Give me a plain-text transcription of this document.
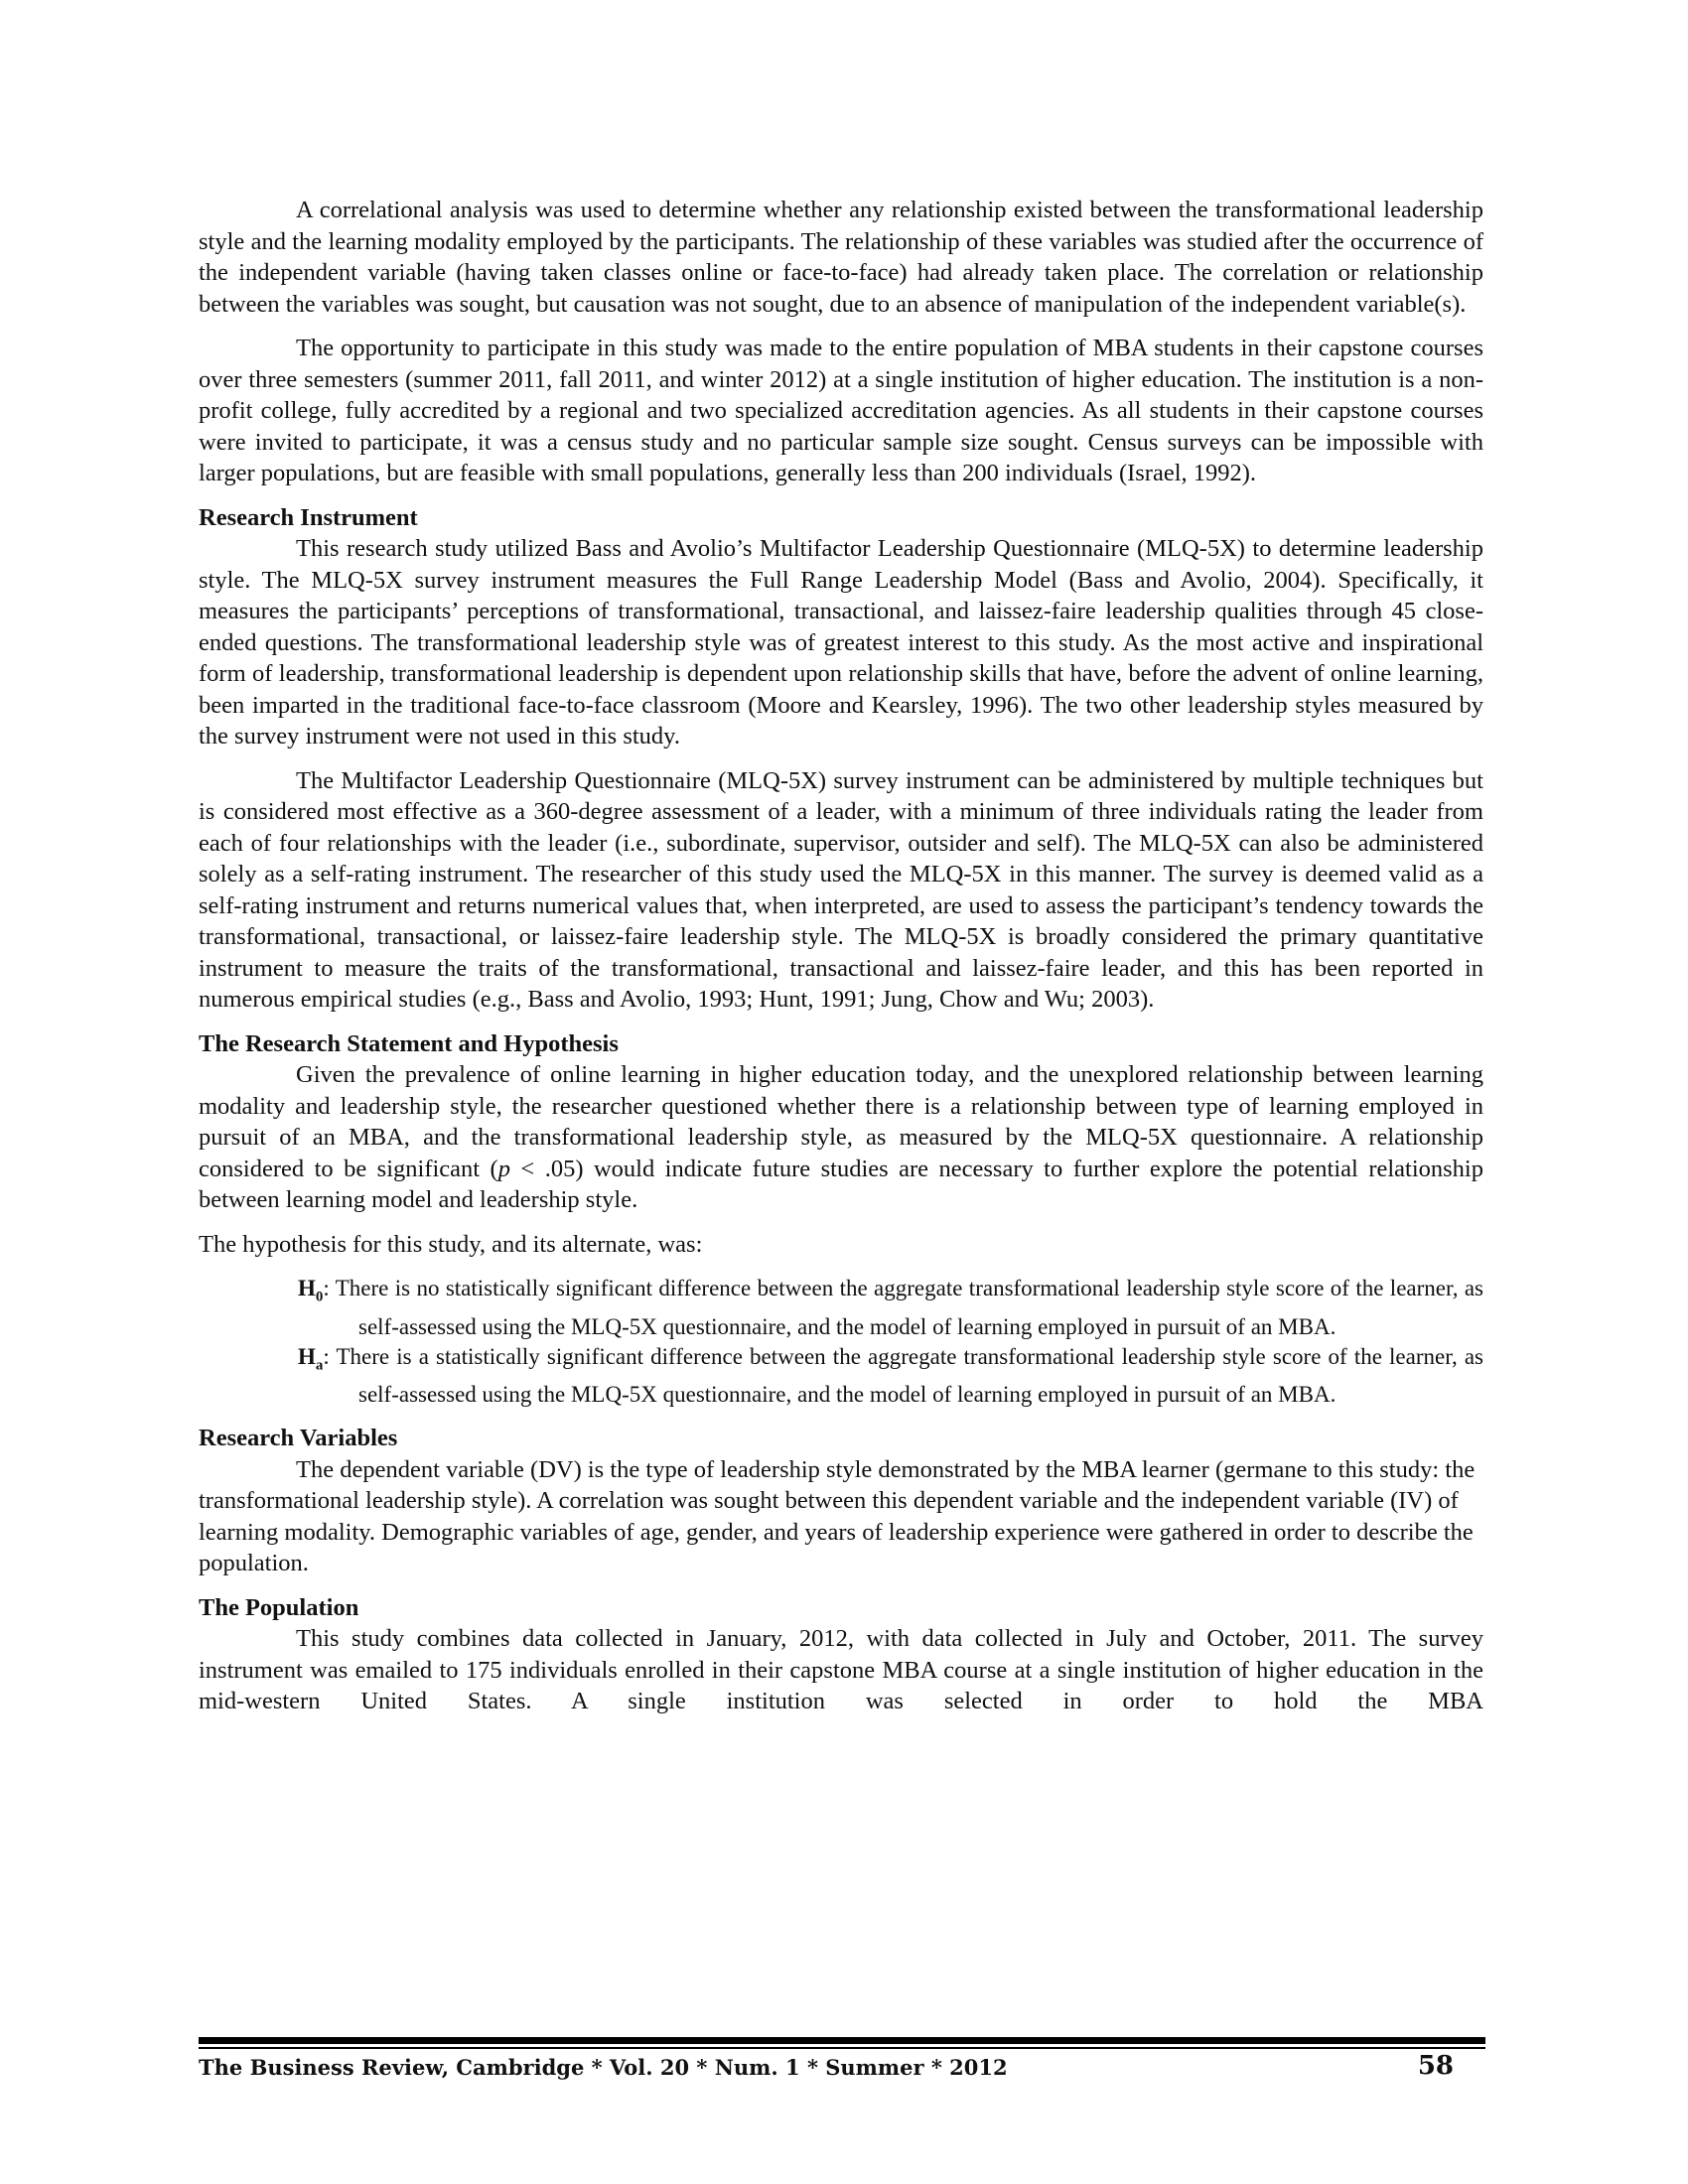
A correlational analysis was used to determine whether any relationship existed between the transformational leadership style and the learning modality employed by the participants. The relationship of these variables was studied after the occurrence of the independent variable (having taken classes online or face-to-face) had already taken place. The correlation or relationship between the variables was sought, but causation was not sought, due to an absence of manipulation of the independent variable(s).

The opportunity to participate in this study was made to the entire population of MBA students in their capstone courses over three semesters (summer 2011, fall 2011, and winter 2012) at a single institution of higher education. The institution is a non-profit college, fully accredited by a regional and two specialized accreditation agencies. As all students in their capstone courses were invited to participate, it was a census study and no particular sample size sought. Census surveys can be impossible with larger populations, but are feasible with small populations, generally less than 200 individuals (Israel, 1992).

Research Instrument

This research study utilized Bass and Avolio’s Multifactor Leadership Questionnaire (MLQ-5X) to determine leadership style. The MLQ-5X survey instrument measures the Full Range Leadership Model (Bass and Avolio, 2004). Specifically, it measures the participants’ perceptions of transformational, transactional, and laissez-faire leadership qualities through 45 close-ended questions. The transformational leadership style was of greatest interest to this study. As the most active and inspirational form of leadership, transformational leadership is dependent upon relationship skills that have, before the advent of online learning, been imparted in the traditional face-to-face classroom (Moore and Kearsley, 1996). The two other leadership styles measured by the survey instrument were not used in this study.

The Multifactor Leadership Questionnaire (MLQ-5X) survey instrument can be administered by multiple techniques but is considered most effective as a 360-degree assessment of a leader, with a minimum of three individuals rating the leader from each of four relationships with the leader (i.e., subordinate, supervisor, outsider and self). The MLQ-5X can also be administered solely as a self-rating instrument. The researcher of this study used the MLQ-5X in this manner. The survey is deemed valid as a self-rating instrument and returns numerical values that, when interpreted, are used to assess the participant’s tendency towards the transformational, transactional, or laissez-faire leadership style. The MLQ-5X is broadly considered the primary quantitative instrument to measure the traits of the transformational, transactional and laissez-faire leader, and this has been reported in numerous empirical studies (e.g., Bass and Avolio, 1993; Hunt, 1991; Jung, Chow and Wu; 2003).

The Research Statement and Hypothesis

Given the prevalence of online learning in higher education today, and the unexplored relationship between learning modality and leadership style, the researcher questioned whether there is a relationship between type of learning employed in pursuit of an MBA, and the transformational leadership style, as measured by the MLQ-5X questionnaire. A relationship considered to be significant (p < .05) would indicate future studies are necessary to further explore the potential relationship between learning model and leadership style.

The hypothesis for this study, and its alternate, was:

$H_0$: There is no statistically significant difference between the aggregate transformational leadership style score of the learner, as self-assessed using the MLQ-5X questionnaire, and the model of learning employed in pursuit of an MBA.
$H_a$: There is a statistically significant difference between the aggregate transformational leadership style score of the learner, as self-assessed using the MLQ-5X questionnaire, and the model of learning employed in pursuit of an MBA.
Research Variables

The dependent variable (DV) is the type of leadership style demonstrated by the MBA learner (germane to this study: the transformational leadership style). A correlation was sought between this dependent variable and the independent variable (IV) of learning modality. Demographic variables of age, gender, and years of leadership experience were gathered in order to describe the population.

The Population

This study combines data collected in January, 2012, with data collected in July and October, 2011. The survey instrument was emailed to 175 individuals enrolled in their capstone MBA course at a single institution of higher education in the mid-western United States. A single institution was selected in order to hold the MBA

The Business Review, Cambridge * Vol. 20 * Num. 1 * Summer * 2012	58
